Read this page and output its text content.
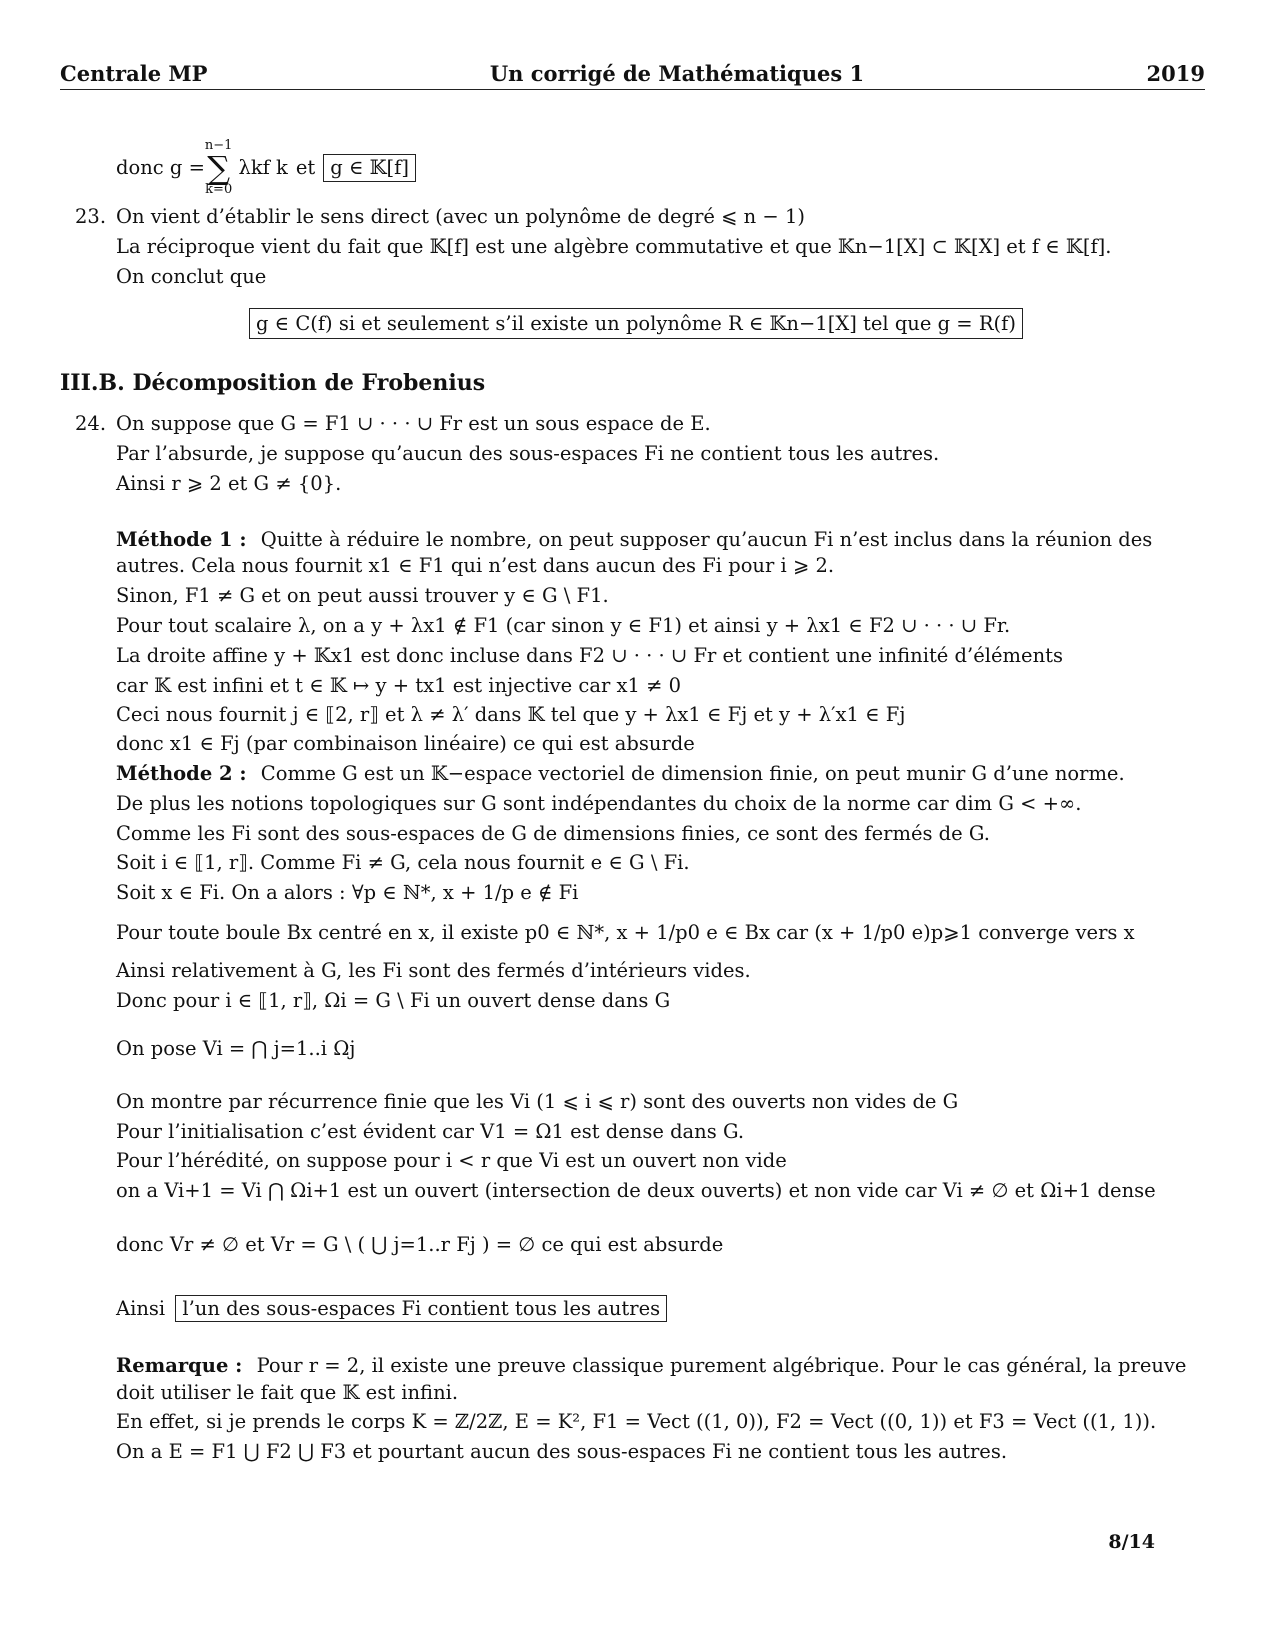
Centrale MP	Un corrigé de Mathématiques 1	2019
donc g =
n−1
∑
k=0
λkf k et g ∈ 𝕂[f]
23. On vient d’établir le sens direct (avec un polynôme de degré ⩽ n − 1)
La réciproque vient du fait que 𝕂[f] est une algèbre commutative et que 𝕂n−1[X] ⊂ 𝕂[X] et f ∈ 𝕂[f].
On conclut que
g ∈ C(f) si et seulement s’il existe un polynôme R ∈ 𝕂n−1[X] tel que g = R(f)
III.B. Décomposition de Frobenius
24. On suppose que G = F1 ∪ · · · ∪ Fr est un sous espace de E.
Par l’absurde, je suppose qu’aucun des sous-espaces Fi ne contient tous les autres.
Ainsi r ⩾ 2 et G ≠ {0}.
Méthode 1 : Quitte à réduire le nombre, on peut supposer qu’aucun Fi n’est inclus dans la réunion des
autres. Cela nous fournit x1 ∈ F1 qui n’est dans aucun des Fi pour i ⩾ 2.
Sinon, F1 ≠ G et on peut aussi trouver y ∈ G \ F1.
Pour tout scalaire λ, on a y + λx1 ∉ F1 (car sinon y ∈ F1) et ainsi y + λx1 ∈ F2 ∪ · · · ∪ Fr.
La droite affine y + 𝕂x1 est donc incluse dans F2 ∪ · · · ∪ Fr et contient une infinité d’éléments
car 𝕂 est infini et t ∈ 𝕂 ↦ y + tx1 est injective car x1 ≠ 0
Ceci nous fournit j ∈ ⟦2, r⟧ et λ ≠ λ′ dans 𝕂 tel que y + λx1 ∈ Fj et y + λ′x1 ∈ Fj
donc x1 ∈ Fj (par combinaison linéaire) ce qui est absurde
Méthode 2 : Comme G est un 𝕂−espace vectoriel de dimension finie, on peut munir G d’une norme.
De plus les notions topologiques sur G sont indépendantes du choix de la norme car dim G < +∞.
Comme les Fi sont des sous-espaces de G de dimensions finies, ce sont des fermés de G.
Soit i ∈ ⟦1, r⟧. Comme Fi ≠ G, cela nous fournit e ∈ G \ Fi.
Soit x ∈ Fi. On a alors : ∀p ∈ ℕ*, x + 1/p e ∉ Fi
Pour toute boule Bx centré en x, il existe p0 ∈ ℕ*, x + 1/p0 e ∈ Bx car (x + 1/p0 e)p⩾1 converge vers x
Ainsi relativement à G, les Fi sont des fermés d’intérieurs vides.
Donc pour i ∈ ⟦1, r⟧, Ωi = G \ Fi un ouvert dense dans G
On pose Vi = ⋂ j=1..i Ωj
On montre par récurrence finie que les Vi (1 ⩽ i ⩽ r) sont des ouverts non vides de G
Pour l’initialisation c’est évident car V1 = Ω1 est dense dans G.
Pour l’hérédité, on suppose pour i < r que Vi est un ouvert non vide
on a Vi+1 = Vi ⋂ Ωi+1 est un ouvert (intersection de deux ouverts) et non vide car Vi ≠ ∅ et Ωi+1 dense
donc Vr ≠ ∅ et Vr = G \ ( ⋃ j=1..r Fj ) = ∅ ce qui est absurde
Ainsi l’un des sous-espaces Fi contient tous les autres
Remarque : Pour r = 2, il existe une preuve classique purement algébrique. Pour le cas général, la preuve
doit utiliser le fait que 𝕂 est infini.
En effet, si je prends le corps K = ℤ/2ℤ, E = K², F1 = Vect ((1, 0)), F2 = Vect ((0, 1)) et F3 = Vect ((1, 1)).
On a E = F1 ⋃ F2 ⋃ F3 et pourtant aucun des sous-espaces Fi ne contient tous les autres.
8/14
